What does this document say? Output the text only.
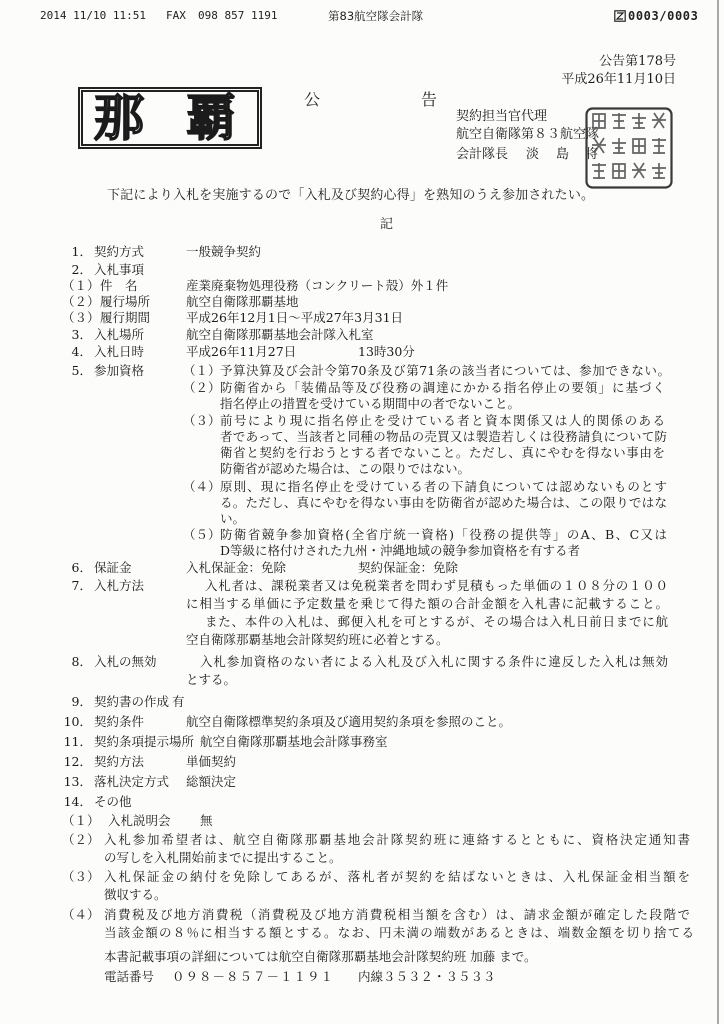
2014 11/10 11:51 FAX 098 857 1191	第83航空隊会計隊	0003/0003
公告第178号
平成26年11月10日
那 覇	公	告
契約担当官代理
航空自衛隊第８３航空隊
会計隊長 淡 島 将
下記により入札を実施するので「入札及び契約心得」を熟知のうえ参加されたい。
記
1． 契約方式	一般競争契約
2． 入札事項
（１） 件　名	産業廃棄物処理役務（コンクリート殻）外１件
（２） 履行場所	航空自衛隊那覇基地
（３） 履行期間	平成26年12月1日～平成27年3月31日
3． 入札場所	航空自衛隊那覇基地会計隊入札室
4． 入札日時	平成26年11月27日	13時30分
5． 参加資格	（１） 予算決算及び会計令第70条及び第71条の該当者については、参加できない。
（２） 防衛省から「装備品等及び役務の調達にかかる指名停止の要領」に基づく
指名停止の措置を受けている期間中の者でないこと。
（３） 前号により現に指名停止を受けている者と資本関係又は人的関係のある
者であって、当該者と同種の物品の売買又は製造若しくは役務請負について防
衛省と契約を行おうとする者でないこと。ただし、真にやむを得ない事由を
防衛省が認めた場合は、この限りではない。
（４） 原則、現に指名停止を受けている者の下請負については認めないものとす
る。ただし、真にやむを得ない事由を防衛省が認めた場合は、この限りではな
い。
（５） 防衛省競争参加資格(全省庁統一資格)「役務の提供等」のA、B、C又は
D等級に格付けされた九州・沖縄地域の競争参加資格を有する者
6． 保証金	入札保証金：免除	契約保証金：免除
7． 入札方法	入札者は、課税業者又は免税業者を問わず見積もった単価の１０８分の１００
に相当する単価に予定数量を乗じて得た額の合計金額を入札書に記載すること。
また、本件の入札は、郵便入札を可とするが、その場合は入札日前日までに航
空自衛隊那覇基地会計隊契約班に必着とする。
8． 入札の無効	入札参加資格のない者による入札及び入札に関する条件に違反した入札は無効
とする。
9． 契約書の作成 有
10． 契約条件	航空自衛隊標準契約条項及び適用契約条項を参照のこと。
11． 契約条項提示場所 航空自衛隊那覇基地会計隊事務室
12． 契約方法	単価契約
13． 落札決定方式 総額決定
14． その他
（１） 入札説明会 無
（２） 入札参加希望者は、航空自衛隊那覇基地会計隊契約班に連絡するとともに、資格決定通知書
の写しを入札開始前までに提出すること。
（３） 入札保証金の納付を免除してあるが、落札者が契約を結ばないときは、入札保証金相当額を
徴収する。
（４） 消費税及び地方消費税（消費税及び地方消費税相当額を含む）は、請求金額が確定した段階で
当該金額の８％に相当する額とする。なお、円未満の端数があるときは、端数金額を切り捨てる
本書記載事項の詳細については航空自衛隊那覇基地会計隊契約班 加藤 まで。
電話番号 ０９８－８５７－１１９１ 内線３５３２・３５３３
